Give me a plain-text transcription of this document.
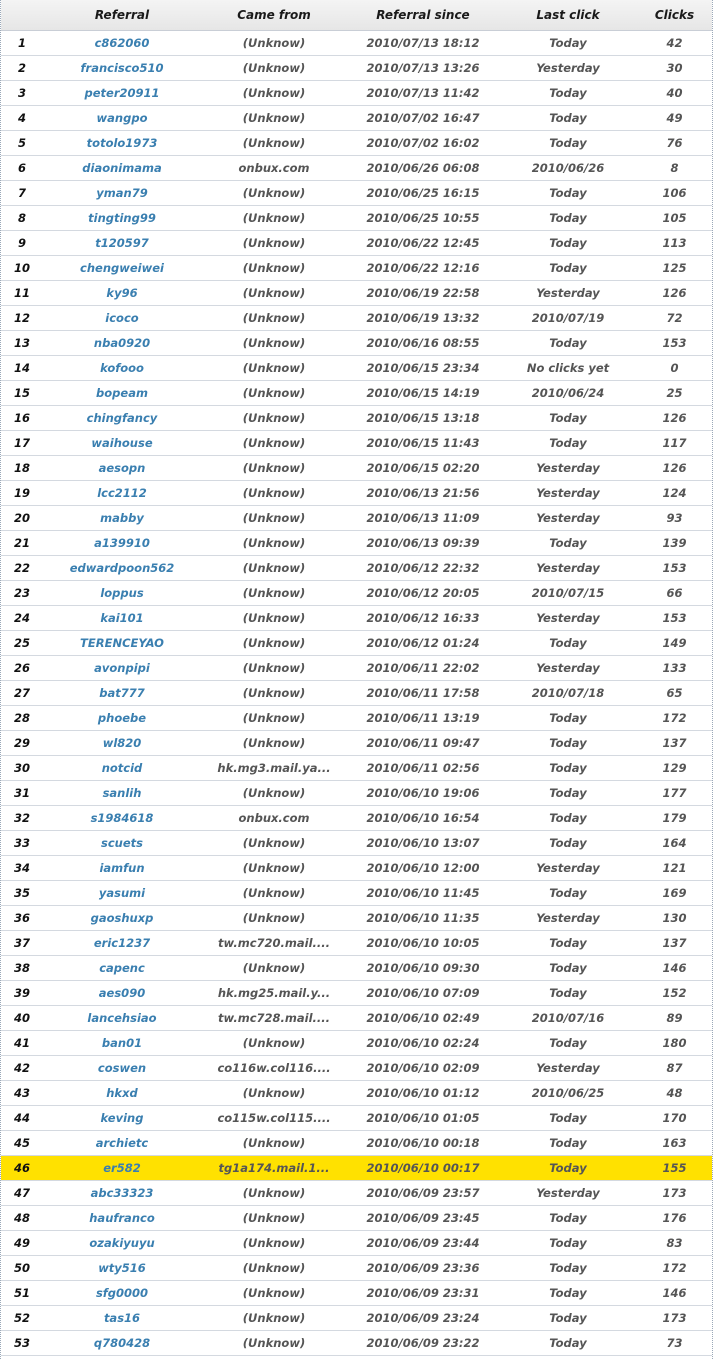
	Referral	Came from	Referral since	Last click	Clicks
1	c862060	(Unknow)	2010/07/13 18:12	Today	42
2	francisco510	(Unknow)	2010/07/13 13:26	Yesterday	30
3	peter20911	(Unknow)	2010/07/13 11:42	Today	40
4	wangpo	(Unknow)	2010/07/02 16:47	Today	49
5	totolo1973	(Unknow)	2010/07/02 16:02	Today	76
6	diaonimama	onbux.com	2010/06/26 06:08	2010/06/26	8
7	yman79	(Unknow)	2010/06/25 16:15	Today	106
8	tingting99	(Unknow)	2010/06/25 10:55	Today	105
9	t120597	(Unknow)	2010/06/22 12:45	Today	113
10	chengweiwei	(Unknow)	2010/06/22 12:16	Today	125
11	ky96	(Unknow)	2010/06/19 22:58	Yesterday	126
12	icoco	(Unknow)	2010/06/19 13:32	2010/07/19	72
13	nba0920	(Unknow)	2010/06/16 08:55	Today	153
14	kofooo	(Unknow)	2010/06/15 23:34	No clicks yet	0
15	bopeam	(Unknow)	2010/06/15 14:19	2010/06/24	25
16	chingfancy	(Unknow)	2010/06/15 13:18	Today	126
17	waihouse	(Unknow)	2010/06/15 11:43	Today	117
18	aesopn	(Unknow)	2010/06/15 02:20	Yesterday	126
19	lcc2112	(Unknow)	2010/06/13 21:56	Yesterday	124
20	mabby	(Unknow)	2010/06/13 11:09	Yesterday	93
21	a139910	(Unknow)	2010/06/13 09:39	Today	139
22	edwardpoon562	(Unknow)	2010/06/12 22:32	Yesterday	153
23	loppus	(Unknow)	2010/06/12 20:05	2010/07/15	66
24	kai101	(Unknow)	2010/06/12 16:33	Yesterday	153
25	TERENCEYAO	(Unknow)	2010/06/12 01:24	Today	149
26	avonpipi	(Unknow)	2010/06/11 22:02	Yesterday	133
27	bat777	(Unknow)	2010/06/11 17:58	2010/07/18	65
28	phoebe	(Unknow)	2010/06/11 13:19	Today	172
29	wl820	(Unknow)	2010/06/11 09:47	Today	137
30	notcid	hk.mg3.mail.ya...	2010/06/11 02:56	Today	129
31	sanlih	(Unknow)	2010/06/10 19:06	Today	177
32	s1984618	onbux.com	2010/06/10 16:54	Today	179
33	scuets	(Unknow)	2010/06/10 13:07	Today	164
34	iamfun	(Unknow)	2010/06/10 12:00	Yesterday	121
35	yasumi	(Unknow)	2010/06/10 11:45	Today	169
36	gaoshuxp	(Unknow)	2010/06/10 11:35	Yesterday	130
37	eric1237	tw.mc720.mail....	2010/06/10 10:05	Today	137
38	capenc	(Unknow)	2010/06/10 09:30	Today	146
39	aes090	hk.mg25.mail.y...	2010/06/10 07:09	Today	152
40	lancehsiao	tw.mc728.mail....	2010/06/10 02:49	2010/07/16	89
41	ban01	(Unknow)	2010/06/10 02:24	Today	180
42	coswen	co116w.col116....	2010/06/10 02:09	Yesterday	87
43	hkxd	(Unknow)	2010/06/10 01:12	2010/06/25	48
44	keving	co115w.col115....	2010/06/10 01:05	Today	170
45	archietc	(Unknow)	2010/06/10 00:18	Today	163
46	er582	tg1a174.mail.1...	2010/06/10 00:17	Today	155
47	abc33323	(Unknow)	2010/06/09 23:57	Yesterday	173
48	haufranco	(Unknow)	2010/06/09 23:45	Today	176
49	ozakiyuyu	(Unknow)	2010/06/09 23:44	Today	83
50	wty516	(Unknow)	2010/06/09 23:36	Today	172
51	sfg0000	(Unknow)	2010/06/09 23:31	Today	146
52	tas16	(Unknow)	2010/06/09 23:24	Today	173
53	q780428	(Unknow)	2010/06/09 23:22	Today	73
